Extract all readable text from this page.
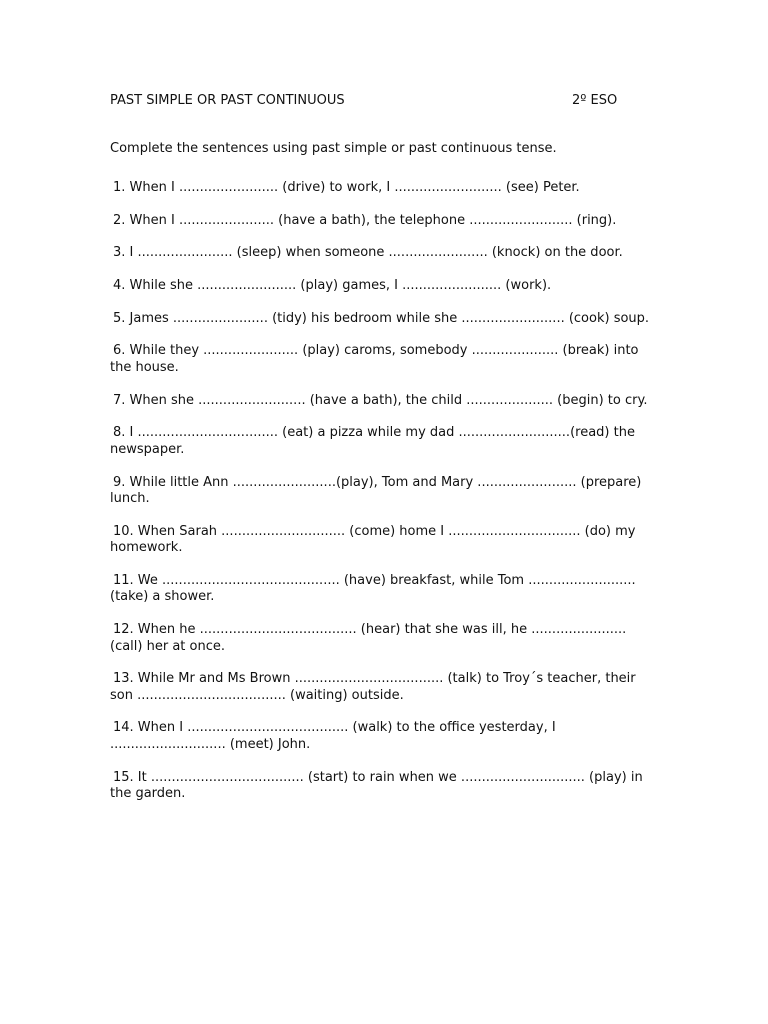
PAST SIMPLE OR PAST CONTINUOUS	2º ESO
Complete the sentences using past simple or past continuous tense.
1. When I ........................ (drive) to work, I .......................... (see) Peter.
2. When I ....................... (have a bath), the telephone ......................... (ring).
3. I ....................... (sleep) when someone ........................ (knock) on the door.
4. While she ........................ (play) games, I ........................ (work).
5. James ....................... (tidy) his bedroom while she ......................... (cook) soup.
6. While they ....................... (play) caroms, somebody ..................... (break) into the house.
7. When she .......................... (have a bath), the child ..................... (begin) to cry.
8. I .................................. (eat) a pizza while my dad ...........................(read) the newspaper.
9. While little Ann .........................(play), Tom and Mary ........................ (prepare) lunch.
10. When Sarah .............................. (come) home I ................................ (do) my homework.
11. We ........................................... (have) breakfast, while Tom .......................... (take) a shower.
12. When he ...................................... (hear) that she was ill, he ....................... (call) her at once.
13. While Mr and Ms Brown .................................... (talk) to Troy´s teacher, their son .................................... (waiting) outside.
14. When I ....................................... (walk) to the office yesterday, I ............................ (meet) John.
15. It ..................................... (start) to rain when we .............................. (play) in the garden.
